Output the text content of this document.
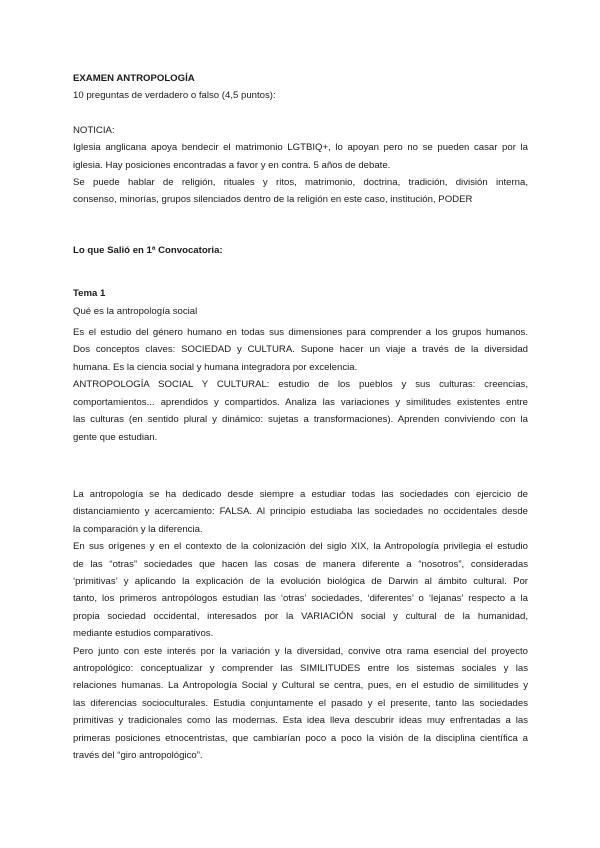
EXAMEN ANTROPOLOGÍA
10 preguntas de verdadero o falso (4,5 puntos):
NOTICIA:
Iglesia anglicana apoya bendecir el matrimonio LGTBIQ+, lo apoyan pero no se pueden casar por la
iglesia. Hay posiciones encontradas a favor y en contra. 5 años de debate.
Se puede hablar de religión, rituales y ritos, matrimonio, doctrina, tradición, división interna,
consenso, minorías, grupos silenciados dentro de la religión en este caso, institución, PODER
Lo que Salió en 1ª Convocatoria:
Tema 1
Qué es la antropología social
Es el estudio del género humano en todas sus dimensiones para comprender a los grupos humanos.
Dos conceptos claves: SOCIEDAD y CULTURA. Supone hacer un viaje a través de la diversidad
humana. Es la ciencia social y humana integradora por excelencia.
ANTROPOLOGÍA SOCIAL Y CULTURAL: estudio de los pueblos y sus culturas: creencias,
comportamientos... aprendidos y compartidos. Analiza las variaciones y similitudes existentes entre
las culturas (en sentido plural y dinámico: sujetas a transformaciones). Aprenden conviviendo con la
gente que estudian.
La antropología se ha dedicado desde siempre a estudiar todas las sociedades con ejercicio de
distanciamiento y acercamiento: FALSA. Al principio estudiaba las sociedades no occidentales desde
la comparación y la diferencia.
En sus orígenes y en el contexto de la colonización del siglo XIX, la Antropología privilegia el estudio
de las “otras” sociedades que hacen las cosas de manera diferente a “nosotros”, consideradas
‘primitivas’ y aplicando la explicación de la evolución biológica de Darwin al ámbito cultural. Por
tanto, los primeros antropólogos estudian las ‘otras’ sociedades, ‘diferentes’ o ‘lejanas’ respecto a la
propia sociedad occidental, interesados por la VARIACIÓN social y cultural de la humanidad,
mediante estudios comparativos.
Pero junto con este interés por la variación y la diversidad, convive otra rama esencial del proyecto
antropológico: conceptualizar y comprender las SIMILITUDES entre los sistemas sociales y las
relaciones humanas. La Antropología Social y Cultural se centra, pues, en el estudio de similitudes y
las diferencias socioculturales. Estudia conjuntamente el pasado y el presente, tanto las sociedades
primitivas y tradicionales como las modernas. Esta idea lleva descubrir ideas muy enfrentadas a las
primeras posiciones etnocentristas, que cambiarían poco a poco la visión de la disciplina científica a
través del “giro antropológico”.
